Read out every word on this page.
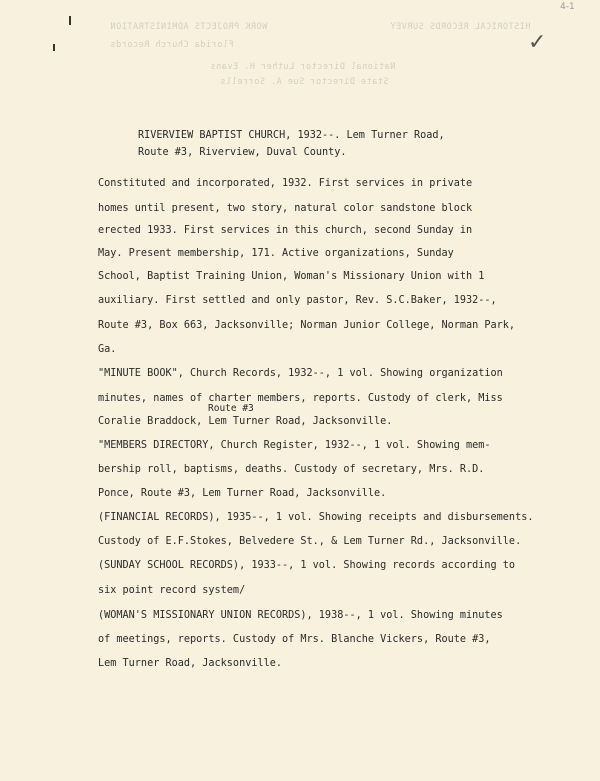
HISTORICAL RECORDS SURVEY
WORK PROJECTS ADMINISTRATION
Florida Church Records
National Director Luther H. Evans
State Director Sue A. Sorrells
4-1
✓
RIVERVIEW BAPTIST CHURCH, 1932--. Lem Turner Road,
Route #3, Riverview, Duval County.
Constituted and incorporated, 1932. First services in private
homes until present, two story, natural color sandstone block
erected 1933. First services in this church, second Sunday in
May. Present membership, 171. Active organizations, Sunday
School, Baptist Training Union, Woman's Missionary Union with 1
auxiliary. First settled and only pastor, Rev. S.C.Baker, 1932--,
Route #3, Box 663, Jacksonville; Norman Junior College, Norman Park,
Ga.
"MINUTE BOOK", Church Records, 1932--, 1 vol. Showing organization
minutes, names of charter members, reports. Custody of clerk, Miss
Route #3
Coralie Braddock, Lem Turner Road, Jacksonville.
"MEMBERS DIRECTORY, Church Register, 1932--, 1 vol. Showing mem-
bership roll, baptisms, deaths. Custody of secretary, Mrs. R.D.
Ponce, Route #3, Lem Turner Road, Jacksonville.
(FINANCIAL RECORDS), 1935--, 1 vol. Showing receipts and disbursements.
Custody of E.F.Stokes, Belvedere St., & Lem Turner Rd., Jacksonville.
(SUNDAY SCHOOL RECORDS), 1933--, 1 vol. Showing records according to
six point record system/
(WOMAN'S MISSIONARY UNION RECORDS), 1938--, 1 vol. Showing minutes
of meetings, reports. Custody of Mrs. Blanche Vickers, Route #3,
Lem Turner Road, Jacksonville.
